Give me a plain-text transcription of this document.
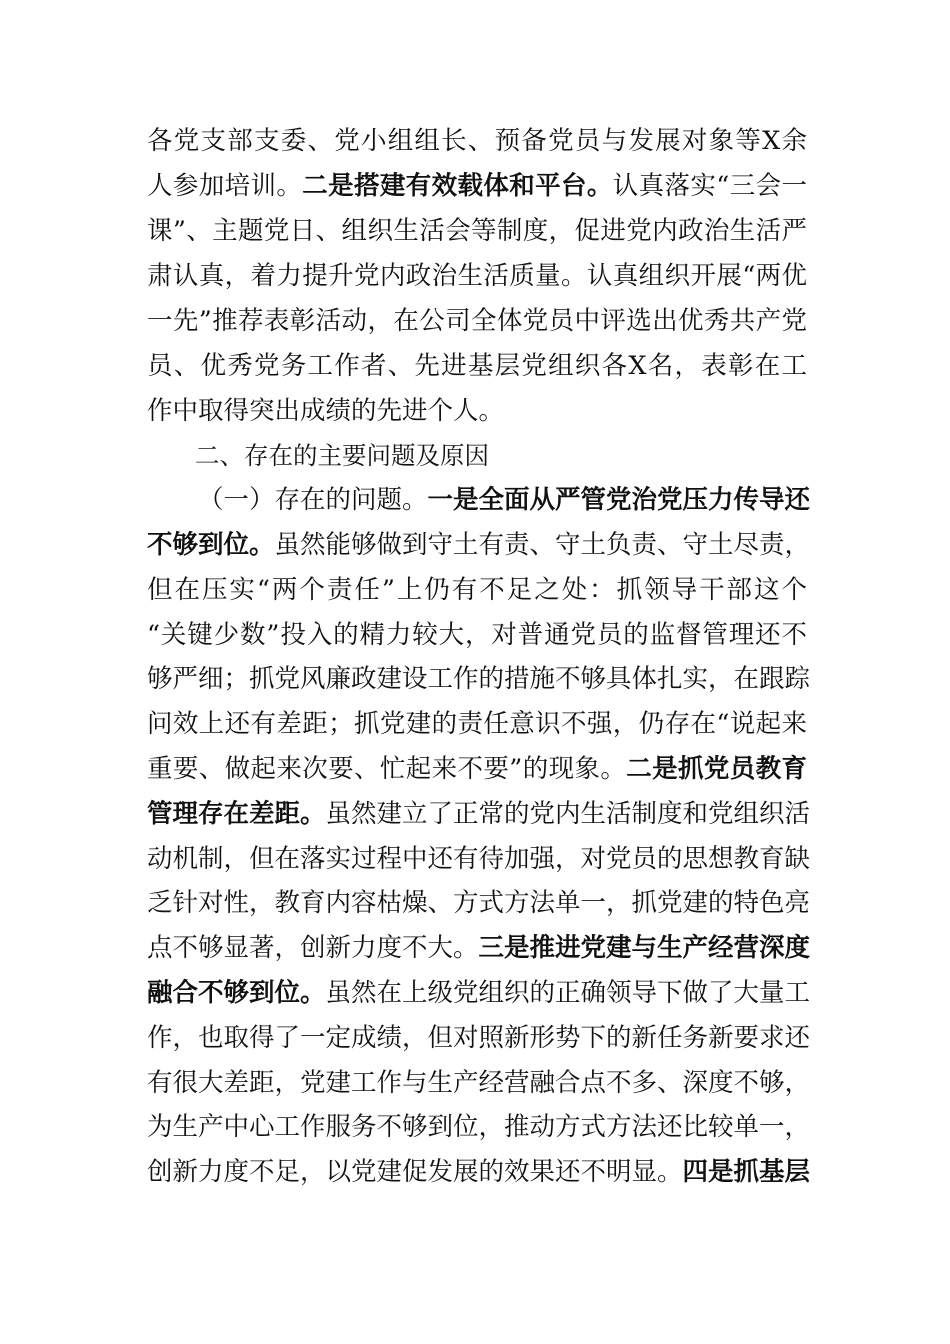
各党支部支委、党小组组长、预备党员与发展对象等X余
人参加培训。二是搭建有效载体和平台。认真落实“三会一
课”、主题党日、组织生活会等制度，促进党内政治生活严
肃认真，着力提升党内政治生活质量。认真组织开展“两优
一先”推荐表彰活动，在公司全体党员中评选出优秀共产党
员、优秀党务工作者、先进基层党组织各X名，表彰在工
作中取得突出成绩的先进个人。
二、存在的主要问题及原因
（一）存在的问题。一是全面从严管党治党压力传导还
不够到位。虽然能够做到守土有责、守土负责、守土尽责，
但在压实“两个责任”上仍有不足之处：抓领导干部这个
“关键少数”投入的精力较大，对普通党员的监督管理还不
够严细；抓党风廉政建设工作的措施不够具体扎实，在跟踪
问效上还有差距；抓党建的责任意识不强，仍存在“说起来
重要、做起来次要、忙起来不要”的现象。二是抓党员教育
管理存在差距。虽然建立了正常的党内生活制度和党组织活
动机制，但在落实过程中还有待加强，对党员的思想教育缺
乏针对性，教育内容枯燥、方式方法单一，抓党建的特色亮
点不够显著，创新力度不大。三是推进党建与生产经营深度
融合不够到位。虽然在上级党组织的正确领导下做了大量工
作，也取得了一定成绩，但对照新形势下的新任务新要求还
有很大差距，党建工作与生产经营融合点不多、深度不够，
为生产中心工作服务不够到位，推动方式方法还比较单一，
创新力度不足，以党建促发展的效果还不明显。四是抓基层
